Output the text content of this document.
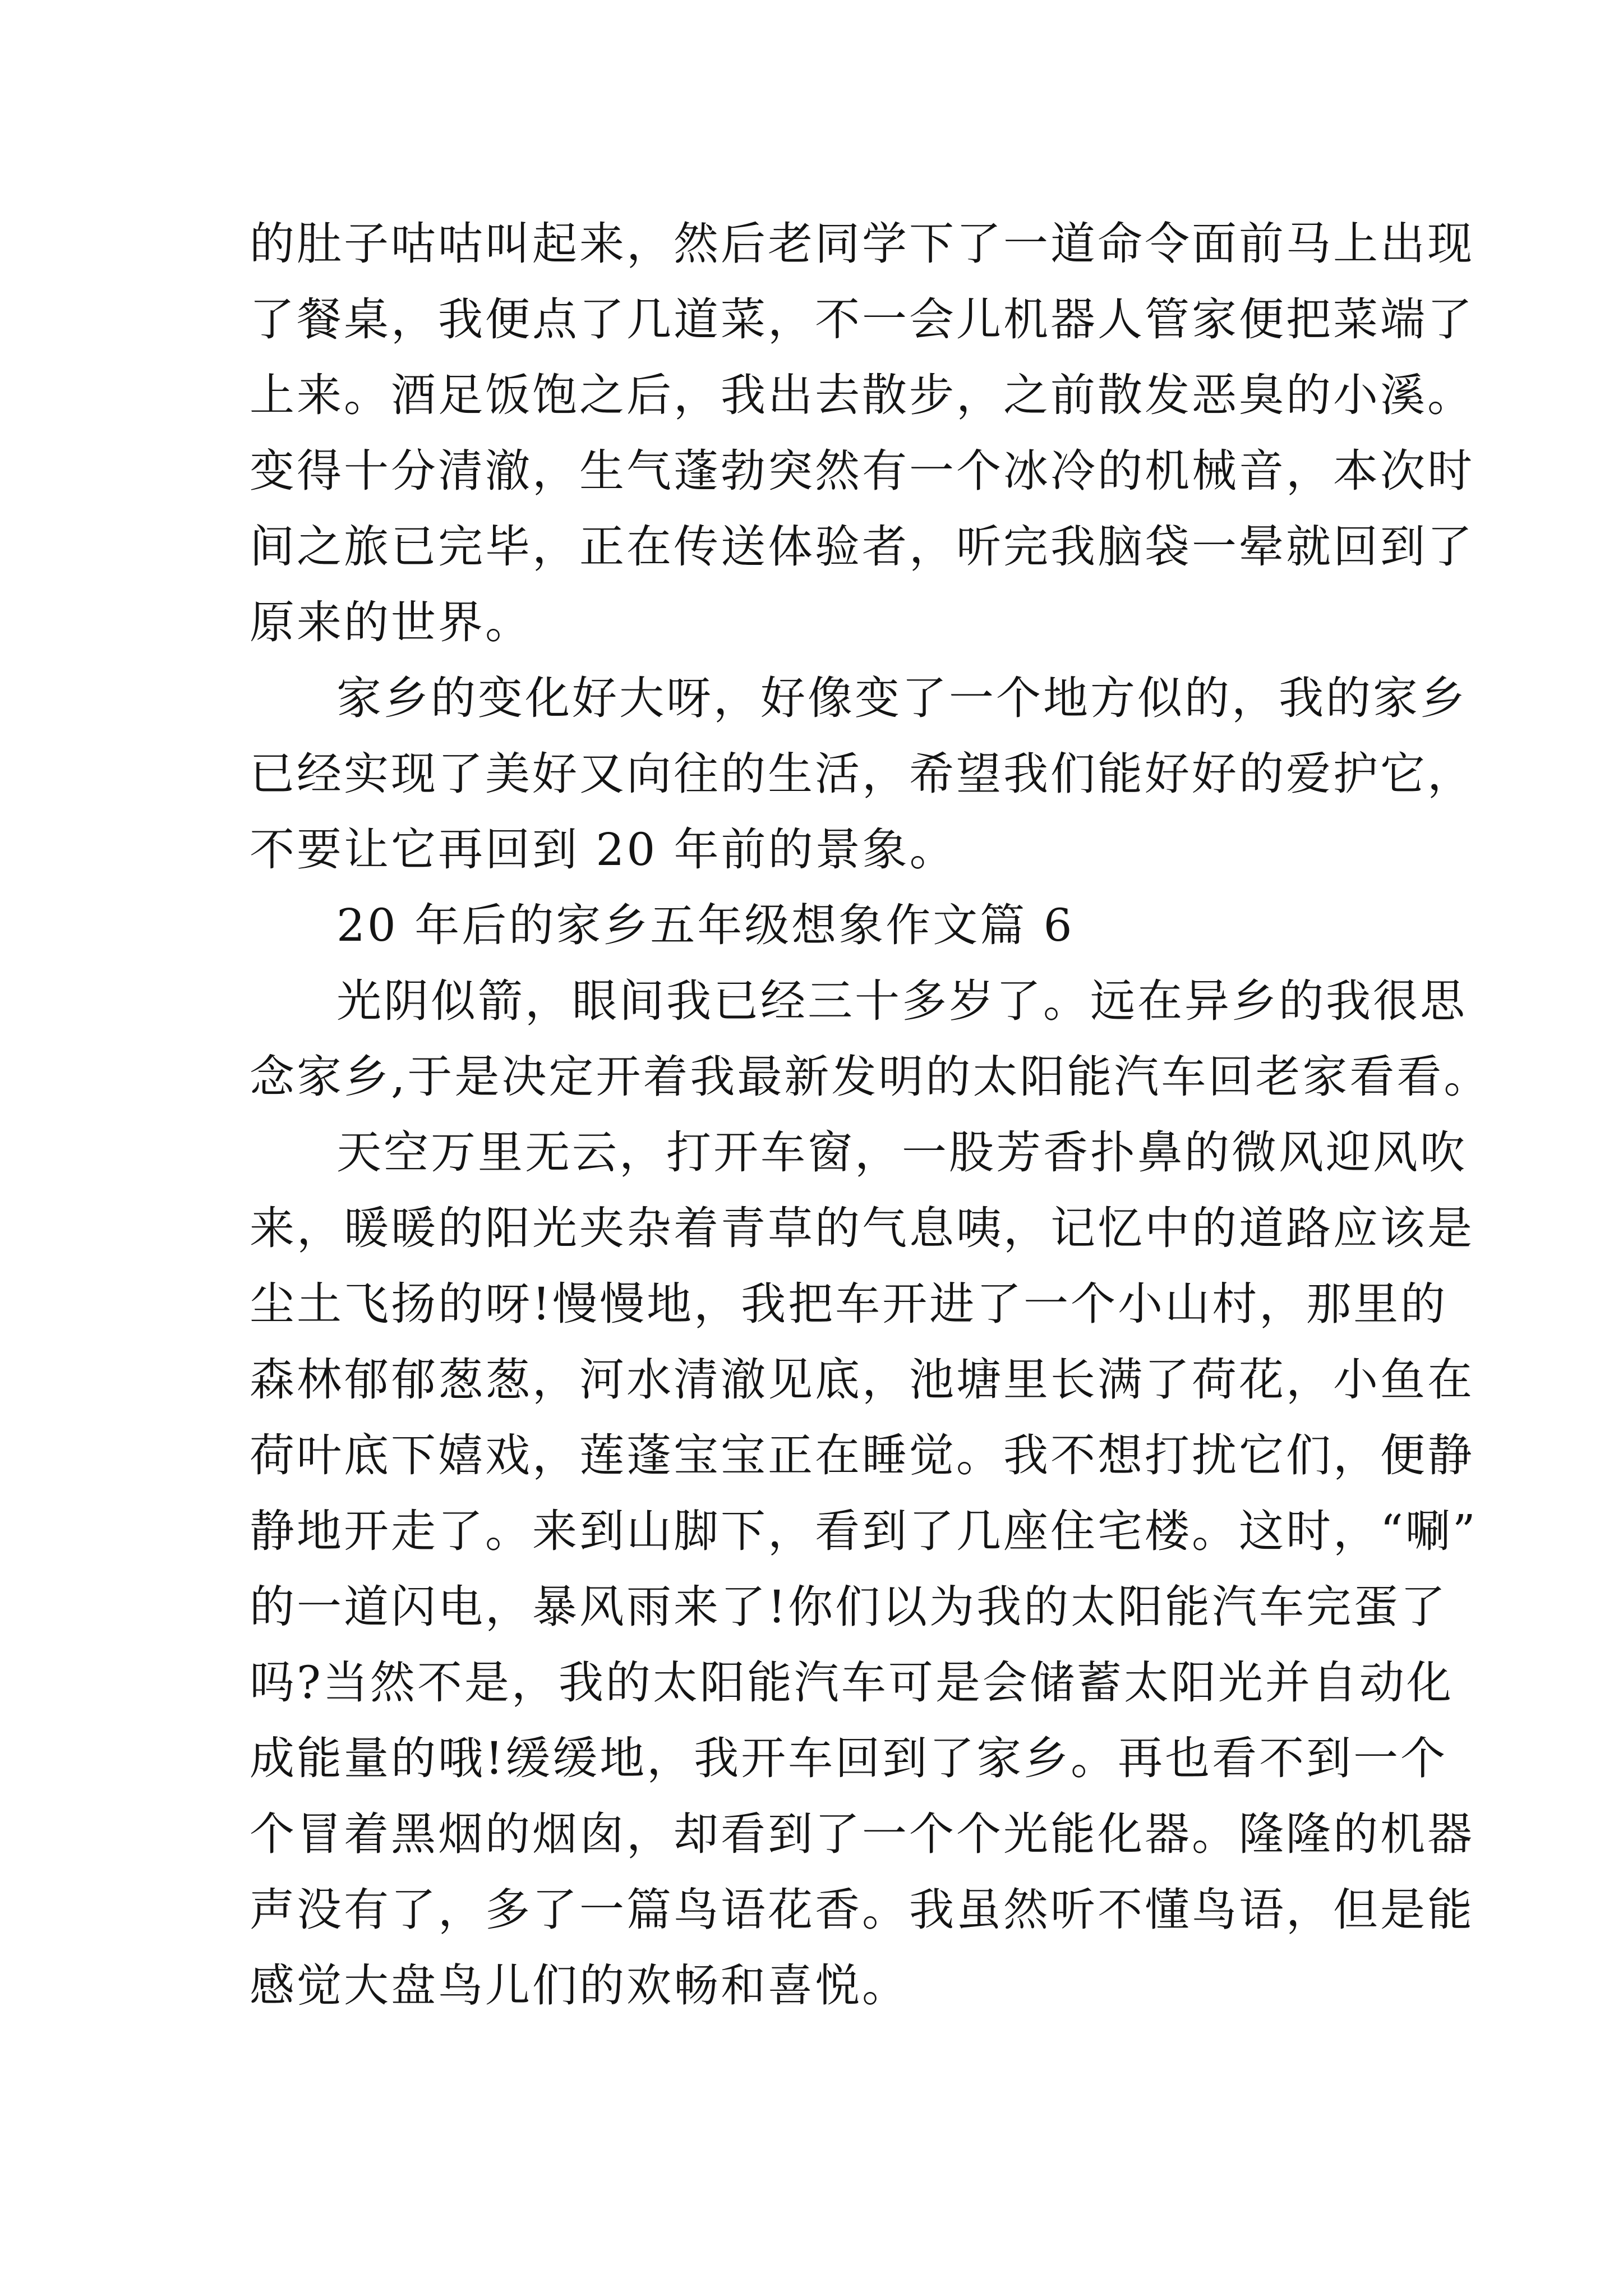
的肚子咕咕叫起来，然后老同学下了一道命令面前马上出现
了餐桌，我便点了几道菜，不一会儿机器人管家便把菜端了
上来。酒足饭饱之后，我出去散步，之前散发恶臭的小溪。
变得十分清澈，生气蓬勃突然有一个冰冷的机械音，本次时
间之旅已完毕，正在传送体验者，听完我脑袋一晕就回到了
原来的世界。
家乡的变化好大呀，好像变了一个地方似的，我的家乡
已经实现了美好又向往的生活，希望我们能好好的爱护它，
不要让它再回到 20 年前的景象。
20 年后的家乡五年级想象作文篇 6
光阴似箭，眼间我已经三十多岁了。远在异乡的我很思
念家乡,于是决定开着我最新发明的太阳能汽车回老家看看。
天空万里无云，打开车窗，一股芳香扑鼻的微风迎风吹
来，暖暖的阳光夹杂着青草的气息咦，记忆中的道路应该是
尘土飞扬的呀!慢慢地，我把车开进了一个小山村，那里的
森林郁郁葱葱，河水清澈见底，池塘里长满了荷花，小鱼在
荷叶底下嬉戏，莲蓬宝宝正在睡觉。我不想打扰它们，便静
静地开走了。来到山脚下，看到了几座住宅楼。这时，“唰”
的一道闪电，暴风雨来了!你们以为我的太阳能汽车完蛋了
吗?当然不是，我的太阳能汽车可是会储蓄太阳光并自动化
成能量的哦!缓缓地，我开车回到了家乡。再也看不到一个
个冒着黑烟的烟囱，却看到了一个个光能化器。隆隆的机器
声没有了，多了一篇鸟语花香。我虽然听不懂鸟语，但是能
感觉大盘鸟儿们的欢畅和喜悦。
